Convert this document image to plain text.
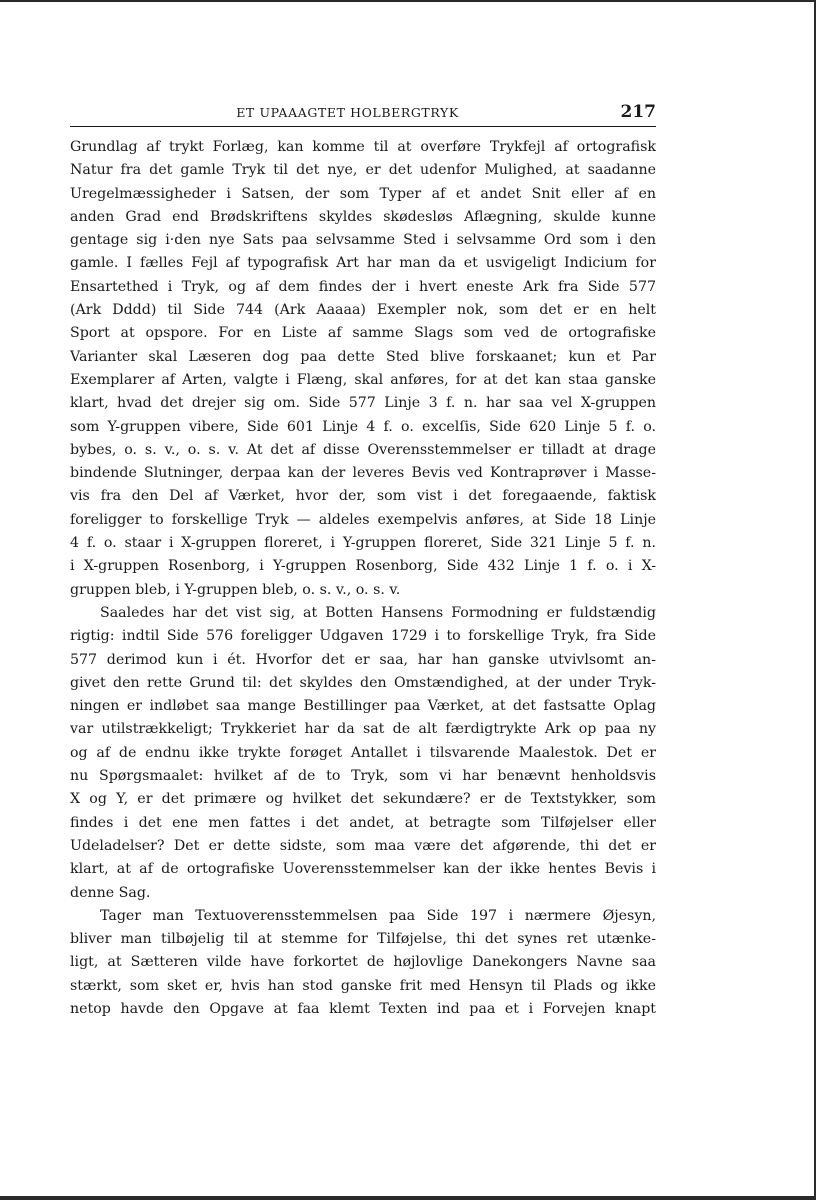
ET UPAAAGTET HOLBERGTRYK	217
Grundlag af trykt Forlæg, kan komme til at overføre Trykfejl af ortografisk
Natur fra det gamle Tryk til det nye, er det udenfor Mulighed, at saadanne
Uregelmæssigheder i Satsen, der som Typer af et andet Snit eller af en
anden Grad end Brødskriftens skyldes skødesløs Aflægning, skulde kunne
gentage sig i·den nye Sats paa selvsamme Sted i selvsamme Ord som i den
gamle. I fælles Fejl af typografisk Art har man da et usvigeligt Indicium for
Ensartethed i Tryk, og af dem findes der i hvert eneste Ark fra Side 577
(Ark Dddd) til Side 744 (Ark Aaaaa) Exempler nok, som det er en helt
Sport at opspore. For en Liste af samme Slags som ved de ortografiske
Varianter skal Læseren dog paa dette Sted blive forskaanet; kun et Par
Exemplarer af Arten, valgte i Flæng, skal anføres, for at det kan staa ganske
klart, hvad det drejer sig om. Side 577 Linje 3 f. n. har saa vel X-gruppen
som Y-gruppen vibere, Side 601 Linje 4 f. o. excelſis, Side 620 Linje 5 f. o.
bybes, o. s. v., o. s. v. At det af disse Overensstemmelser er tilladt at drage
bindende Slutninger, derpaa kan der leveres Bevis ved Kontraprøver i Masse-
vis fra den Del af Værket, hvor der, som vist i det foregaaende, faktisk
foreligger to forskellige Tryk — aldeles exempelvis anføres, at Side 18 Linje
4 f. o. staar i X-gruppen floreret, i Y-gruppen floreret, Side 321 Linje 5 f. n.
i X-gruppen Rosenborg, i Y-gruppen Rosenborg, Side 432 Linje 1 f. o. i X-
gruppen bleb, i Y-gruppen bleb, o. s. v., o. s. v.
Saaledes har det vist sig, at Botten Hansens Formodning er fuldstændig
rigtig: indtil Side 576 foreligger Udgaven 1729 i to forskellige Tryk, fra Side
577 derimod kun i ét. Hvorfor det er saa, har han ganske utvivlsomt an-
givet den rette Grund til: det skyldes den Omstændighed, at der under Tryk-
ningen er indløbet saa mange Bestillinger paa Værket, at det fastsatte Oplag
var utilstrækkeligt; Trykkeriet har da sat de alt færdigtrykte Ark op paa ny
og af de endnu ikke trykte forøget Antallet i tilsvarende Maalestok. Det er
nu Spørgsmaalet: hvilket af de to Tryk, som vi har benævnt henholdsvis
X og Y, er det primære og hvilket det sekundære? er de Textstykker, som
findes i det ene men fattes i det andet, at betragte som Tilføjelser eller
Udeladelser? Det er dette sidste, som maa være det afgørende, thi det er
klart, at af de ortografiske Uoverensstemmelser kan der ikke hentes Bevis i
denne Sag.
Tager man Textuoverensstemmelsen paa Side 197 i nærmere Øjesyn,
bliver man tilbøjelig til at stemme for Tilføjelse, thi det synes ret utænke-
ligt, at Sætteren vilde have forkortet de højlovlige Danekongers Navne saa
stærkt, som sket er, hvis han stod ganske frit med Hensyn til Plads og ikke
netop havde den Opgave at faa klemt Texten ind paa et i Forvejen knapt
